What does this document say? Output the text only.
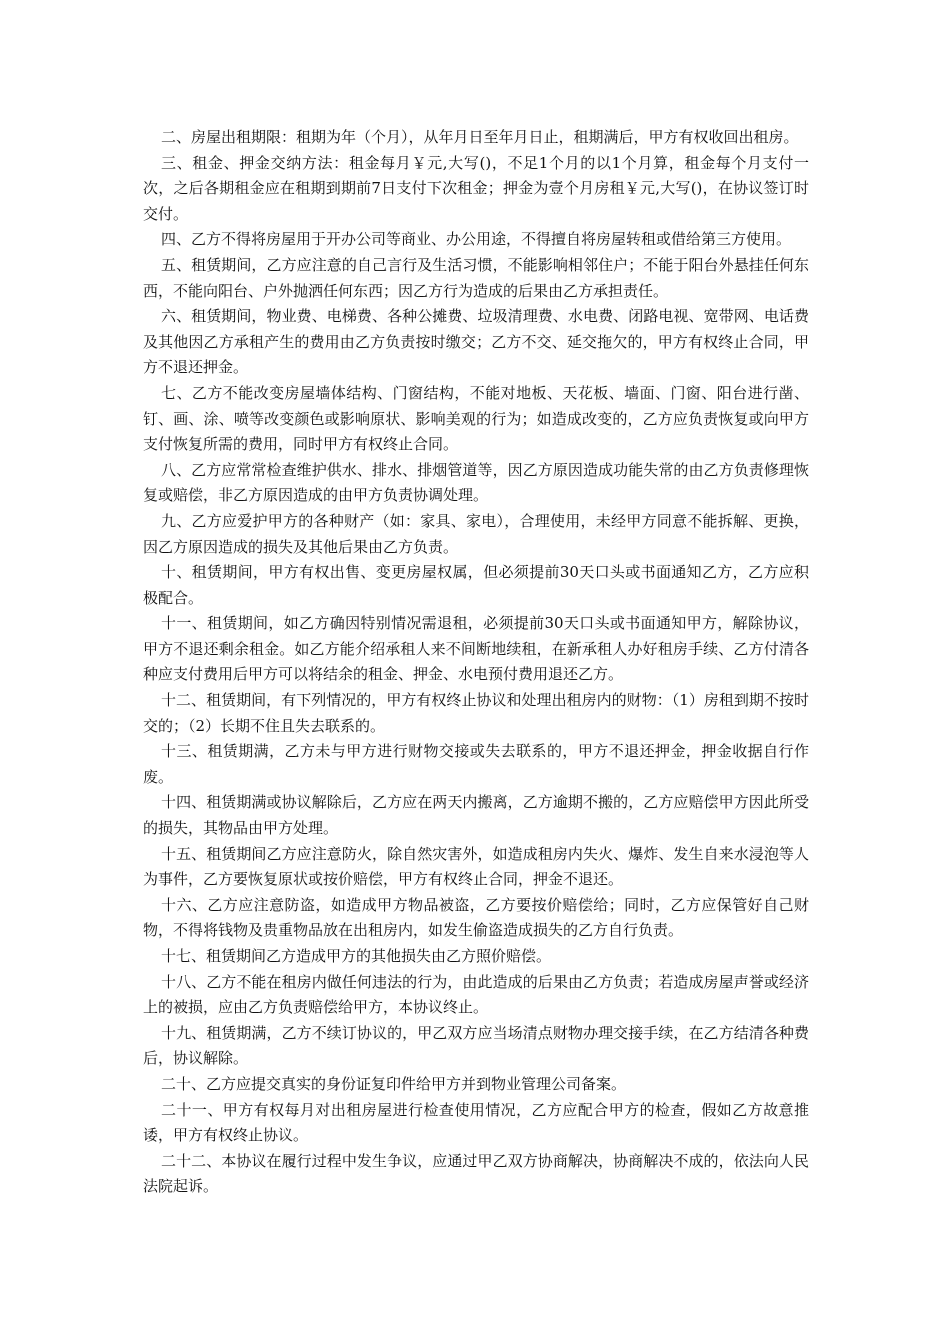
二、房屋出租期限：租期为年（个月），从年月日至年月日止，租期满后，甲方有权收回出租房。

三、租金、押金交纳方法：租金每月￥元,大写()，不足1个月的以1个月算，租金每个月支付一次，之后各期租金应在租期到期前7日支付下次租金；押金为壹个月房租￥元,大写()，在协议签订时交付。

四、乙方不得将房屋用于开办公司等商业、办公用途，不得擅自将房屋转租或借给第三方使用。

五、租赁期间，乙方应注意的自己言行及生活习惯，不能影响相邻住户；不能于阳台外悬挂任何东西，不能向阳台、户外抛洒任何东西；因乙方行为造成的后果由乙方承担责任。

六、租赁期间，物业费、电梯费、各种公摊费、垃圾清理费、水电费、闭路电视、宽带网、电话费及其他因乙方承租产生的费用由乙方负责按时缴交；乙方不交、延交拖欠的，甲方有权终止合同，甲方不退还押金。

七、乙方不能改变房屋墙体结构、门窗结构，不能对地板、天花板、墙面、门窗、阳台进行凿、钉、画、涂、喷等改变颜色或影响原状、影响美观的行为；如造成改变的，乙方应负责恢复或向甲方支付恢复所需的费用，同时甲方有权终止合同。

八、乙方应常常检查维护供水、排水、排烟管道等，因乙方原因造成功能失常的由乙方负责修理恢复或赔偿，非乙方原因造成的由甲方负责协调处理。

九、乙方应爱护甲方的各种财产（如：家具、家电），合理使用，未经甲方同意不能拆解、更换，因乙方原因造成的损失及其他后果由乙方负责。

十、租赁期间，甲方有权出售、变更房屋权属，但必须提前30天口头或书面通知乙方，乙方应积极配合。

十一、租赁期间，如乙方确因特别情况需退租，必须提前30天口头或书面通知甲方，解除协议，甲方不退还剩余租金。如乙方能介绍承租人来不间断地续租，在新承租人办好租房手续、乙方付清各种应支付费用后甲方可以将结余的租金、押金、水电预付费用退还乙方。

十二、租赁期间，有下列情况的，甲方有权终止协议和处理出租房内的财物：（1）房租到期不按时交的；（2）长期不住且失去联系的。

十三、租赁期满，乙方未与甲方进行财物交接或失去联系的，甲方不退还押金，押金收据自行作废。

十四、租赁期满或协议解除后，乙方应在两天内搬离，乙方逾期不搬的，乙方应赔偿甲方因此所受的损失，其物品由甲方处理。

十五、租赁期间乙方应注意防火，除自然灾害外，如造成租房内失火、爆炸、发生自来水浸泡等人为事件，乙方要恢复原状或按价赔偿，甲方有权终止合同，押金不退还。

十六、乙方应注意防盗，如造成甲方物品被盗，乙方要按价赔偿给；同时，乙方应保管好自己财物，不得将钱物及贵重物品放在出租房内，如发生偷盗造成损失的乙方自行负责。

十七、租赁期间乙方造成甲方的其他损失由乙方照价赔偿。

十八、乙方不能在租房内做任何违法的行为，由此造成的后果由乙方负责；若造成房屋声誉或经济上的被损，应由乙方负责赔偿给甲方，本协议终止。

十九、租赁期满，乙方不续订协议的，甲乙双方应当场清点财物办理交接手续，在乙方结清各种费后，协议解除。

二十、乙方应提交真实的身份证复印件给甲方并到物业管理公司备案。

二十一、甲方有权每月对出租房屋进行检查使用情况，乙方应配合甲方的检查，假如乙方故意推诿，甲方有权终止协议。

二十二、本协议在履行过程中发生争议，应通过甲乙双方协商解决，协商解决不成的，依法向人民法院起诉。
